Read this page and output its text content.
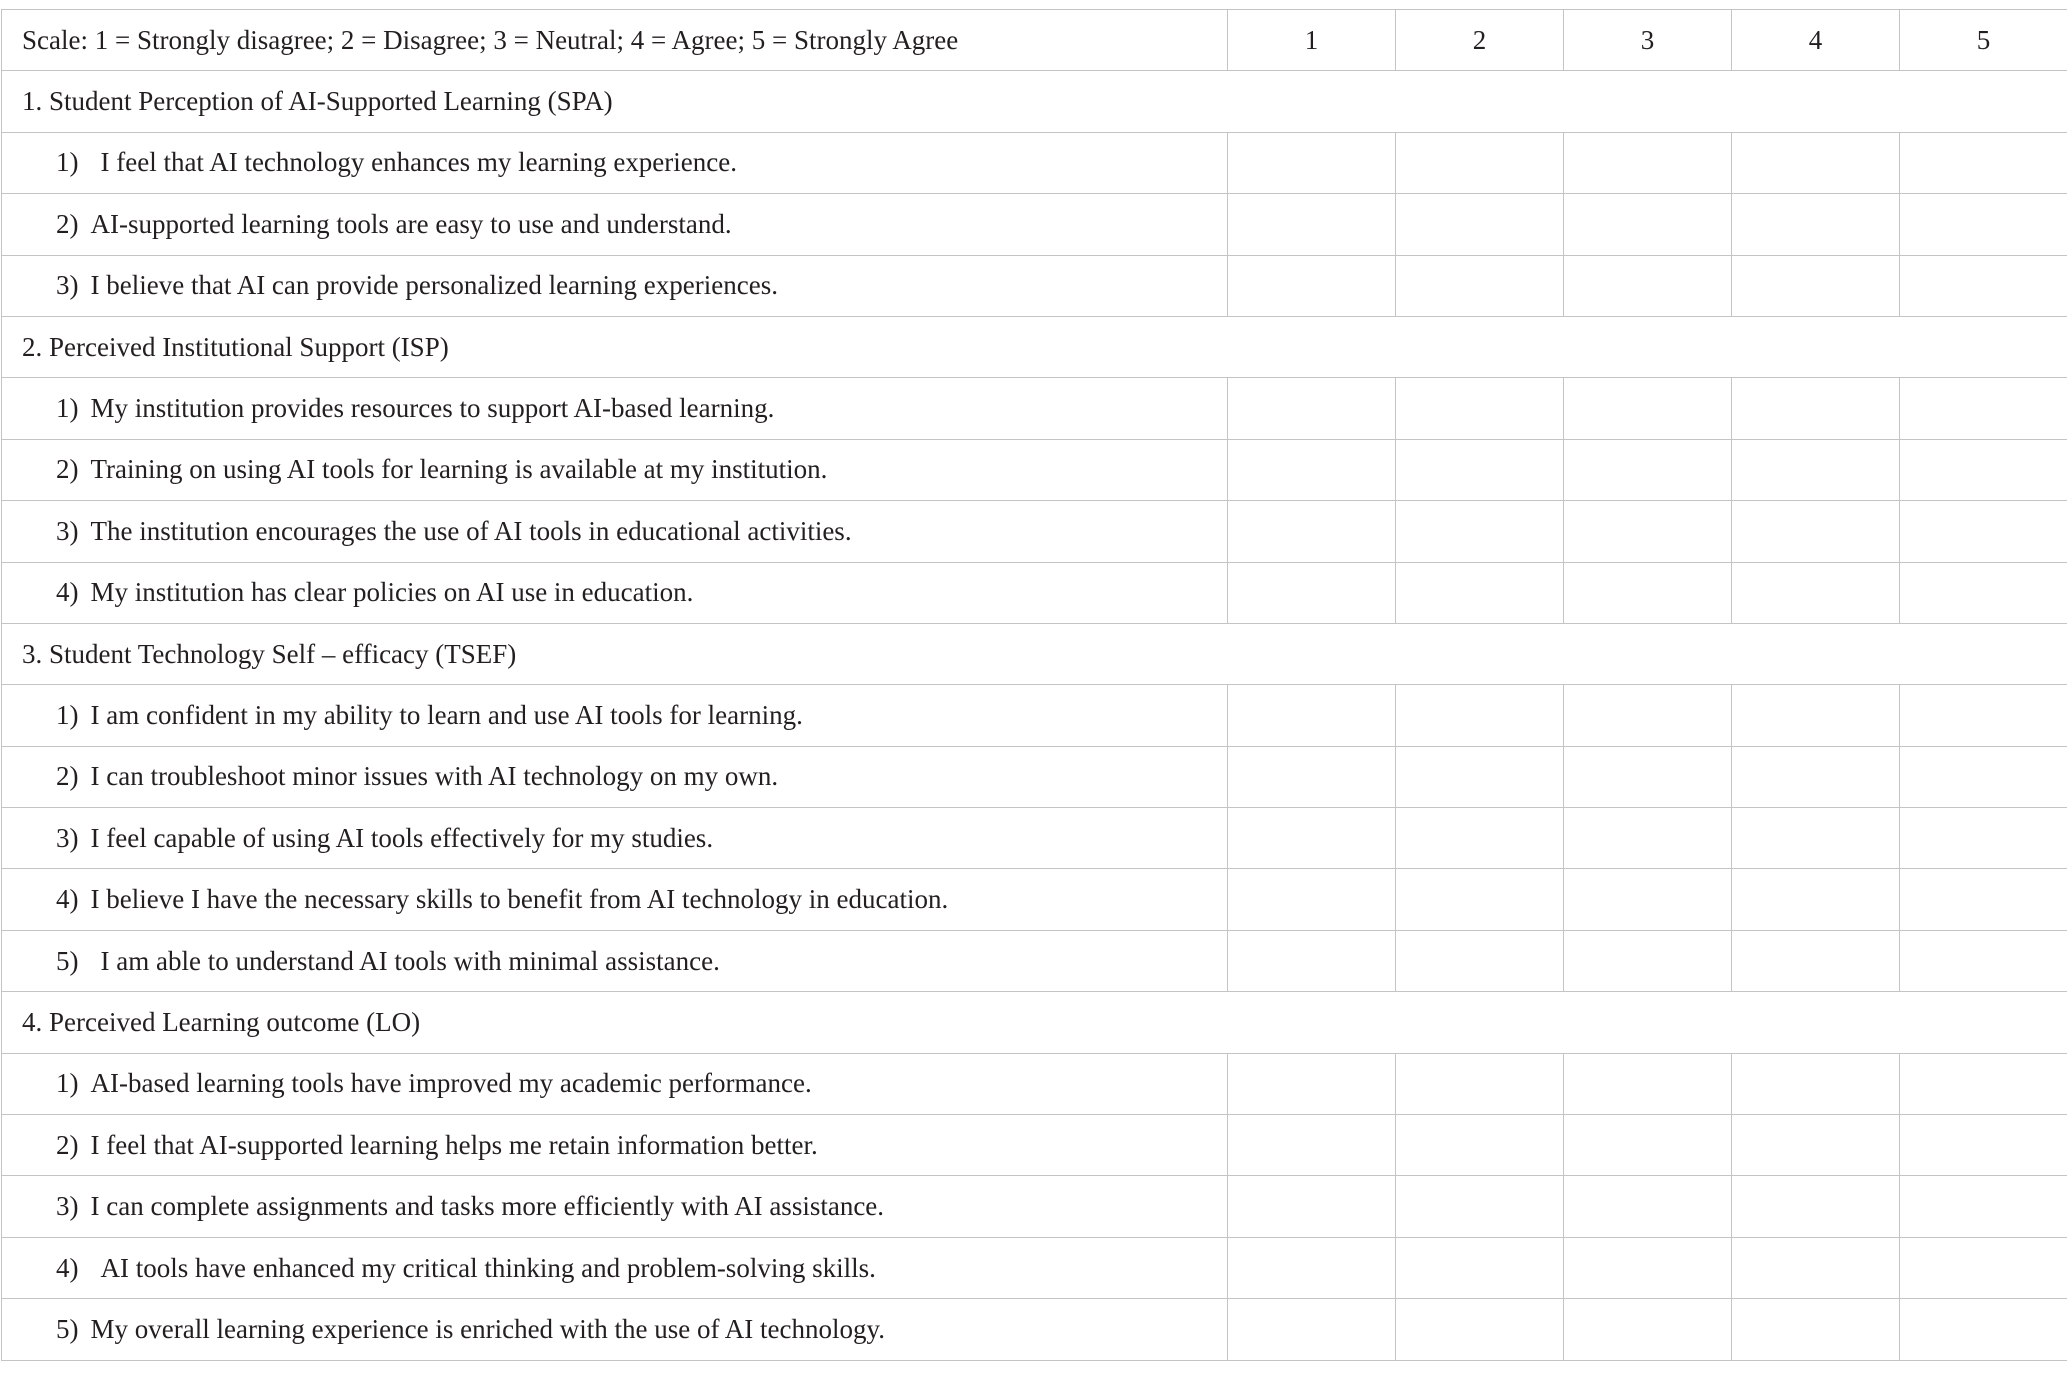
Scale: 1 = Strongly disagree; 2 = Disagree; 3 = Neutral; 4 = Agree; 5 = Strongly Agree	1	2	3	4	5
1. Student Perception of AI-Supported Learning (SPA)					
1) I feel that AI technology enhances my learning experience.					
2) AI-supported learning tools are easy to use and understand.					
3) I believe that AI can provide personalized learning experiences.					
2. Perceived Institutional Support (ISP)					
1) My institution provides resources to support AI-based learning.					
2) Training on using AI tools for learning is available at my institution.					
3) The institution encourages the use of AI tools in educational activities.					
4) My institution has clear policies on AI use in education.					
3. Student Technology Self – efficacy (TSEF)					
1) I am confident in my ability to learn and use AI tools for learning.					
2) I can troubleshoot minor issues with AI technology on my own.					
3) I feel capable of using AI tools effectively for my studies.					
4) I believe I have the necessary skills to benefit from AI technology in education.					
5) I am able to understand AI tools with minimal assistance.					
4. Perceived Learning outcome (LO)					
1) AI-based learning tools have improved my academic performance.					
2) I feel that AI-supported learning helps me retain information better.					
3) I can complete assignments and tasks more efficiently with AI assistance.					
4) AI tools have enhanced my critical thinking and problem-solving skills.					
5) My overall learning experience is enriched with the use of AI technology.					
